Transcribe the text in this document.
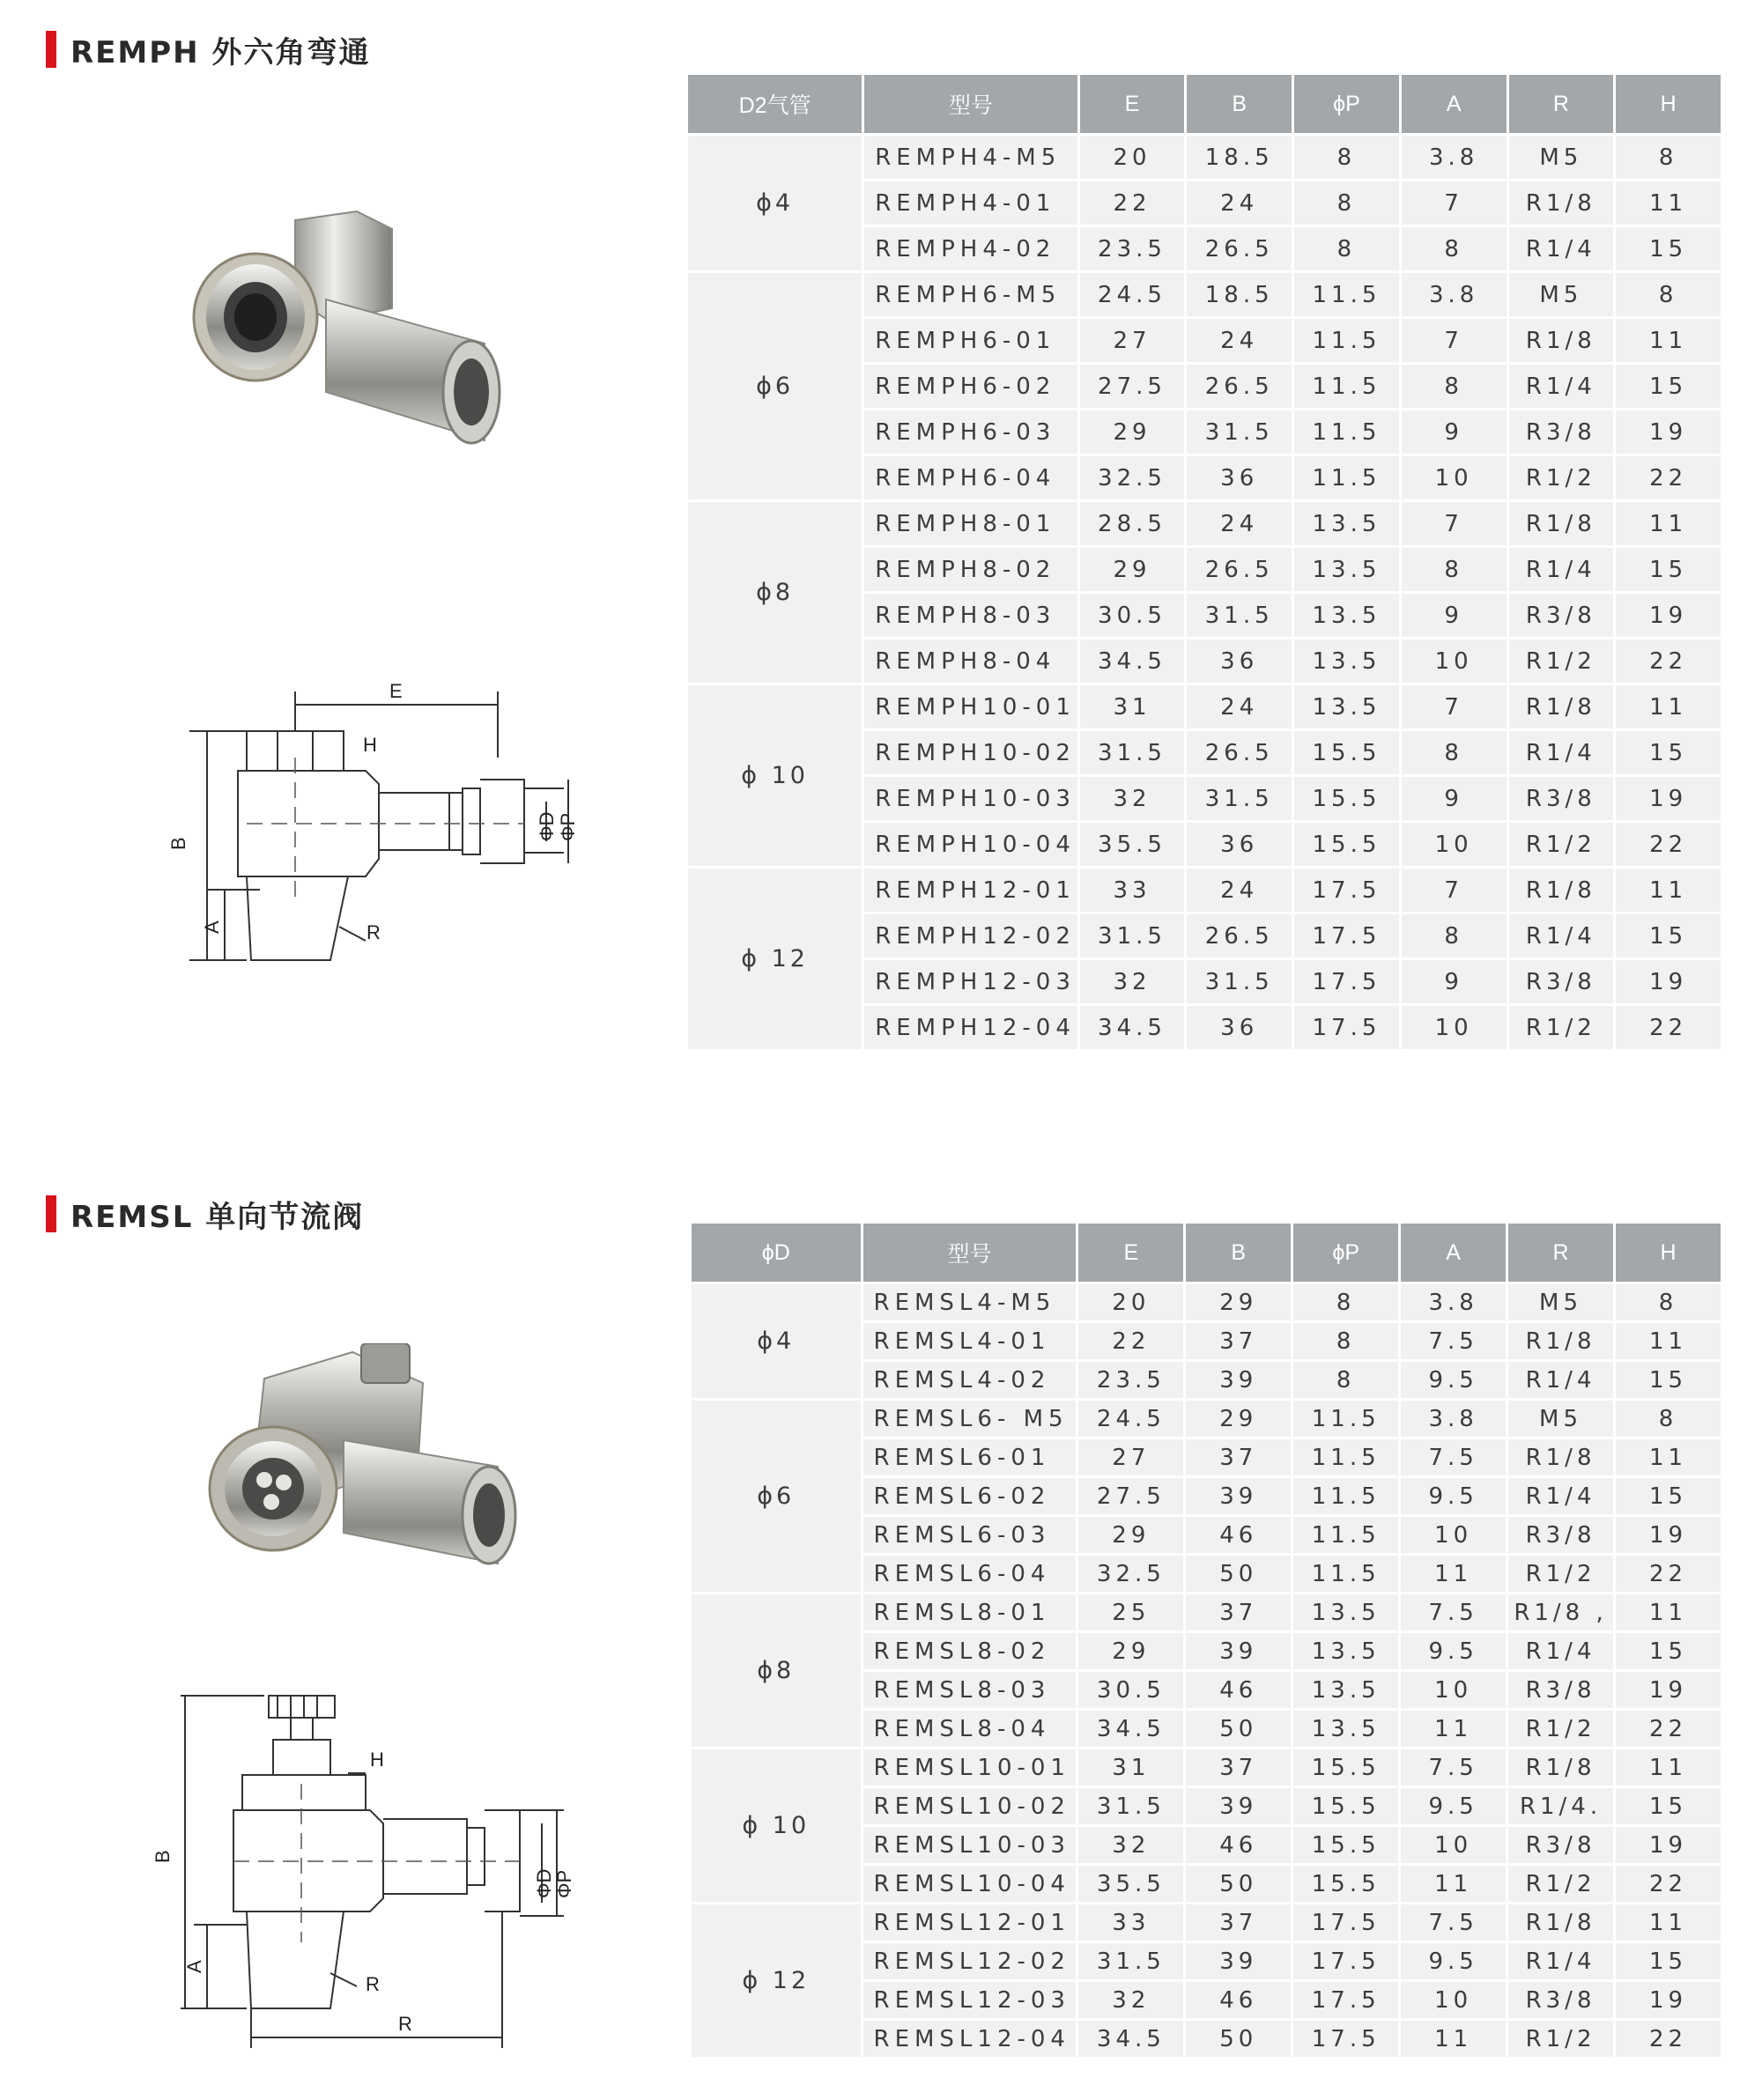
REMPH 外六角弯通
E
H
B
A	R
ΦD ΦP
D2气管	型号	E	B	ϕP	A	R	H
ϕ4	REMPH4-M5	20	18.5	8	3.8	M5	8
	REMPH4-01	22	24	8	7	R1/8	11
	REMPH4-02	23.5	26.5	8	8	R1/4	15
ϕ6	REMPH6-M5	24.5	18.5	11.5	3.8	M5	8
	REMPH6-01	27	24	11.5	7	R1/8	11
	REMPH6-02	27.5	26.5	11.5	8	R1/4	15
	REMPH6-03	29	31.5	11.5	9	R3/8	19
	REMPH6-04	32.5	36	11.5	10	R1/2	22
ϕ8	REMPH8-01	28.5	24	13.5	7	R1/8	11
	REMPH8-02	29	26.5	13.5	8	R1/4	15
	REMPH8-03	30.5	31.5	13.5	9	R3/8	19
	REMPH8-04	34.5	36	13.5	10	R1/2	22
ϕ 10	REMPH10-01	31	24	13.5	7	R1/8	11
	REMPH10-02	31.5	26.5	15.5	8	R1/4	15
	REMPH10-03	32	31.5	15.5	9	R3/8	19
	REMPH10-04	35.5	36	15.5	10	R1/2	22
ϕ 12	REMPH12-01	33	24	17.5	7	R1/8	11
	REMPH12-02	31.5	26.5	17.5	8	R1/4	15
	REMPH12-03	32	31.5	17.5	9	R3/8	19
	REMPH12-04	34.5	36	17.5	10	R1/2	22
REMSL 单向节流阀
H
B
A
R
R
ΦD
ΦP
ϕD	型号	E	B	ϕP	A	R	H
ϕ4	REMSL4-M5	20	29	8	3.8	M5	8
	REMSL4-01	22	37	8	7.5	R1/8	11
	REMSL4-02	23.5	39	8	9.5	R1/4	15
ϕ6	REMSL6- M5	24.5	29	11.5	3.8	M5	8
	REMSL6-01	27	37	11.5	7.5	R1/8	11
	REMSL6-02	27.5	39	11.5	9.5	R1/4	15
	REMSL6-03	29	46	11.5	10	R3/8	19
	REMSL6-04	32.5	50	11.5	11	R1/2	22
ϕ8	REMSL8-01	25	37	13.5	7.5	R1/8 ,	11
	REMSL8-02	29	39	13.5	9.5	R1/4	15
	REMSL8-03	30.5	46	13.5	10	R3/8	19
	REMSL8-04	34.5	50	13.5	11	R1/2	22
ϕ 10	REMSL10-01	31	37	15.5	7.5	R1/8	11
	REMSL10-02	31.5	39	15.5	9.5	R1/4.	15
	REMSL10-03	32	46	15.5	10	R3/8	19
	REMSL10-04	35.5	50	15.5	11	R1/2	22
ϕ 12	REMSL12-01	33	37	17.5	7.5	R1/8	11
	REMSL12-02	31.5	39	17.5	9.5	R1/4	15
	REMSL12-03	32	46	17.5	10	R3/8	19
	REMSL12-04	34.5	50	17.5	11	R1/2	22
